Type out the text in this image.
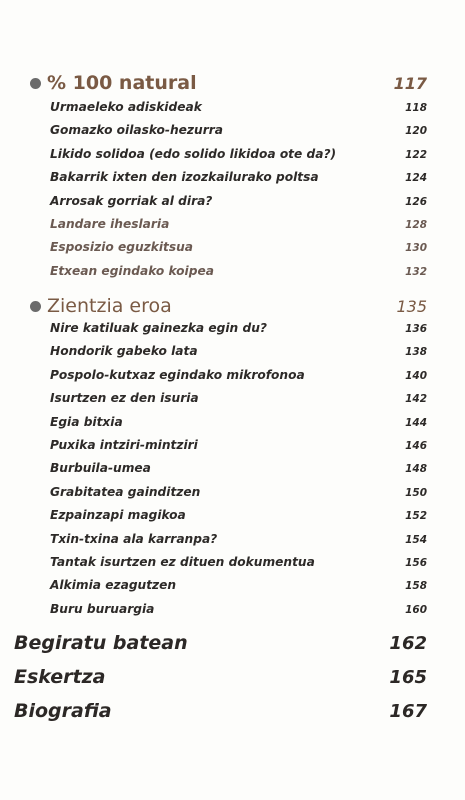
% 100 natural	117
Urmaeleko adiskideak	118
Gomazko oilasko-hezurra	120
Likido solidoa (edo solido likidoa ote da?)	122
Bakarrik ixten den izozkailurako poltsa	124
Arrosak gorriak al dira?	126
Landare iheslaria	128
Esposizio eguzkitsua	130
Etxean egindako koipea	132
Zientzia eroa	135
Nire katiluak gainezka egin du?	136
Hondorik gabeko lata	138
Pospolo-kutxaz egindako mikrofonoa	140
Isurtzen ez den isuria	142
Egia bitxia	144
Puxika intziri-mintziri	146
Burbuila-umea	148
Grabitatea gainditzen	150
Ezpainzapi magikoa	152
Txin-txina ala karranpa?	154
Tantak isurtzen ez dituen dokumentua	156
Alkimia ezagutzen	158
Buru buruargia	160
Begiratu batean	162
Eskertza	165
Biografia	167
